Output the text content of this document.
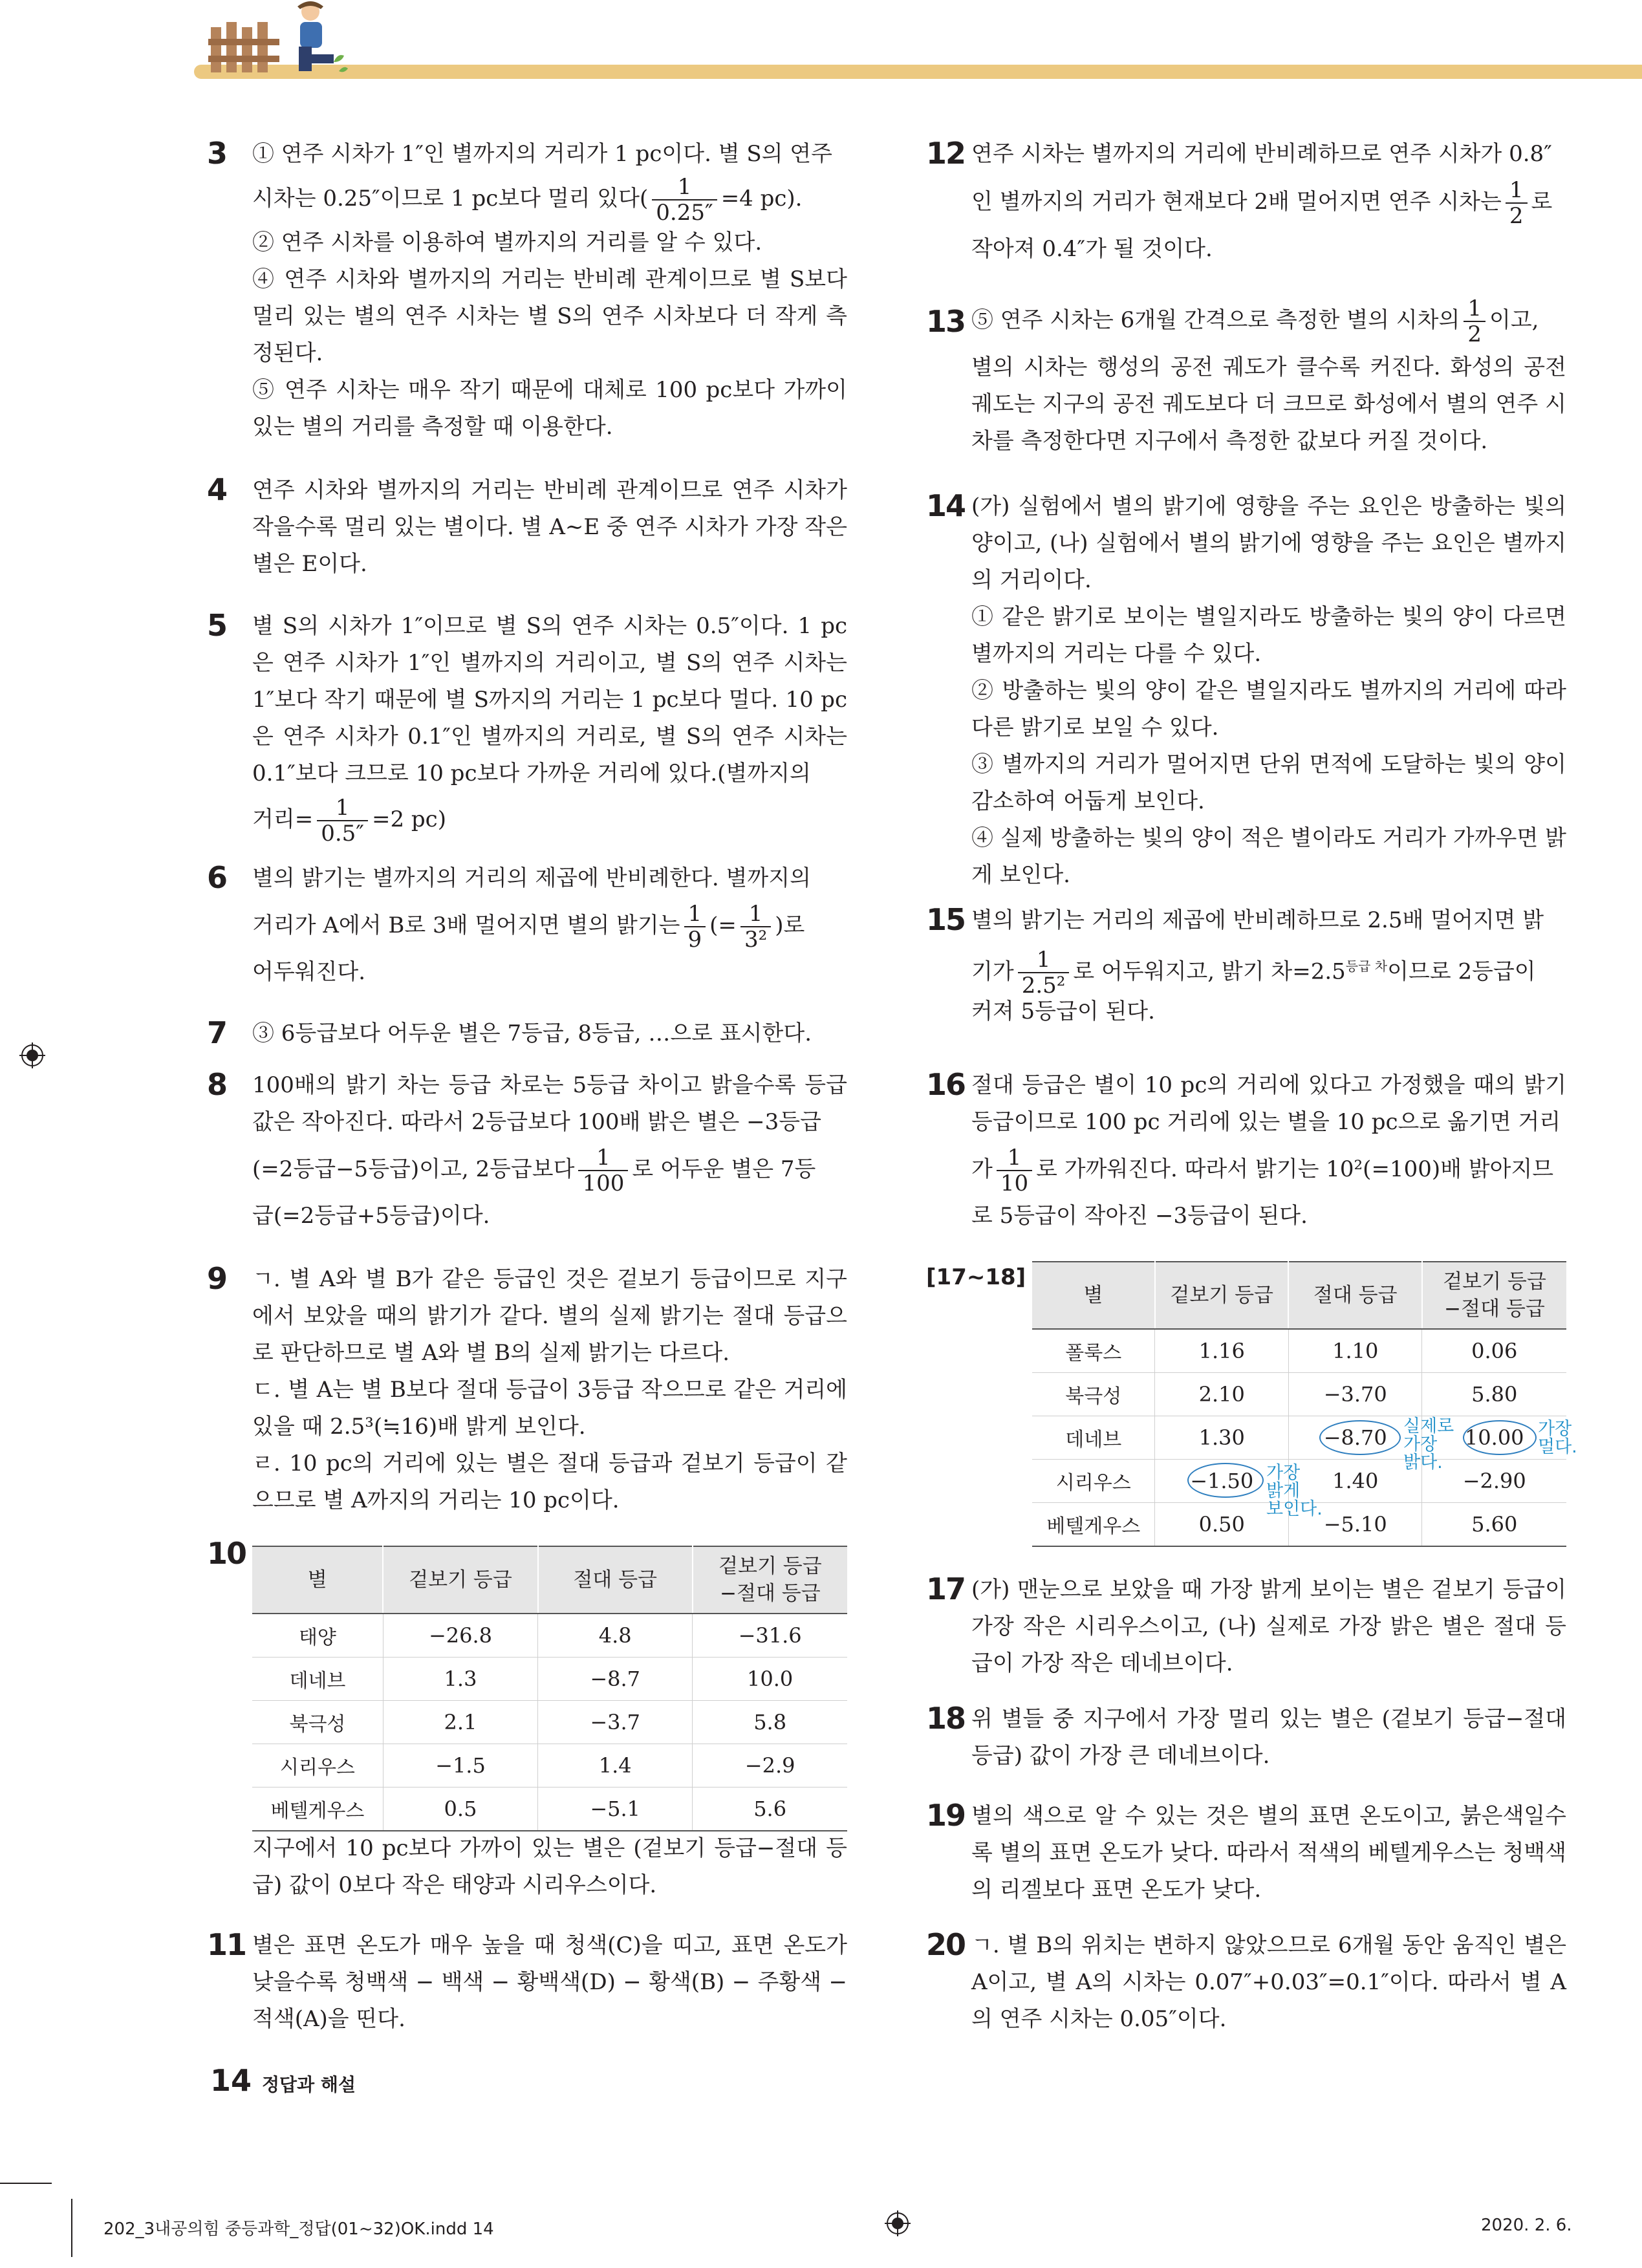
3 ① 연주 시차가 1″인 별까지의 거리가 1 pc이다. 별 S의 연주

시차는 0.25″이므로 1 pc보다 멀리 있다( $\frac{1}{0.25''} =4$ pc).

② 연주 시차를 이용하여 별까지의 거리를 알 수 있다.

④ 연주 시차와 별까지의 거리는 반비례 관계이므로 별 S보다 멀리 있는 별의 연주 시차는 별 S의 연주 시차보다 더 작게 측정된다.

⑤ 연주 시차는 매우 작기 때문에 대체로 100 pc보다 가까이 있는 별의 거리를 측정할 때 이용한다.

4 연주 시차와 별까지의 거리는 반비례 관계이므로 연주 시차가 작을수록 멀리 있는 별이다. 별 A∼E 중 연주 시차가 가장 작은 별은 E이다.

5 별 S의 시차가 1″이므로 별 S의 연주 시차는 0.5″이다. 1 pc은 연주 시차가 1″인 별까지의 거리이고, 별 S의 연주 시차는 1″보다 작기 때문에 별 S까지의 거리는 1 pc보다 멀다. 10 pc은 연주 시차가 0.1″인 별까지의 거리로, 별 S의 연주 시차는 0.1″보다 크므로 10 pc보다 가까운 거리에 있다.(별까지의

거리= $\frac{1}{0.5''} =2$ pc)

6 별의 밝기는 별까지의 거리의 제곱에 반비례한다. 별까지의

거리가 A에서 B로 3배 멀어지면 별의 밝기는 $\frac{1}{9}$ (= $\frac{1}{\text{3²}}$ )로

어두워진다.

7 ③ 6등급보다 어두운 별은 7등급, 8등급, …으로 표시한다.

8 100배의 밝기 차는 등급 차로는 5등급 차이고 밝을수록 등급 값은 작아진다. 따라서 2등급보다 100배 밝은 별은 −3등급

(=2등급−5등급)이고, 2등급보다 $\frac{1}{100}$ 로 어두운 별은 7등

급(=2등급+5등급)이다.

9 ㄱ. 별 A와 별 B가 같은 등급인 것은 겉보기 등급이므로 지구에서 보았을 때의 밝기가 같다. 별의 실제 밝기는 절대 등급으로 판단하므로 별 A와 별 B의 실제 밝기는 다르다.

ㄷ. 별 A는 별 B보다 절대 등급이 3등급 작으므로 같은 거리에 있을 때 2.5³(≒16)배 밝게 보인다.

ㄹ. 10 pc의 거리에 있는 별은 절대 등급과 겉보기 등급이 같으므로 별 A까지의 거리는 10 pc이다.

10

지구에서 10 pc보다 가까이 있는 별은 (겉보기 등급−절대 등급) 값이 0보다 작은 태양과 시리우스이다.

11 별은 표면 온도가 매우 높을 때 청색(C)을 띠고, 표면 온도가 낮을수록 청백색 − 백색 − 황백색(D) − 황색(B) − 주황색 − 적색(A)을 띤다.

별	겉보기 등급	절대 등급	겉보기 등급
−절대 등급
태양	−26.8	4.8	−31.6
데네브	1.3	−8.7	10.0
북극성	2.1	−3.7	5.8
시리우스	−1.5	1.4	−2.9
베텔게우스	0.5	−5.1	5.6
12 연주 시차는 별까지의 거리에 반비례하므로 연주 시차가 0.8″

인 별까지의 거리가 현재보다 2배 멀어지면 연주 시차는 $\frac{1}{2}$ 로

작아져 0.4″가 될 것이다.

13 ⑤ 연주 시차는 6개월 간격으로 측정한 별의 시차의 $\frac{1}{2}$ 이고,

별의 시차는 행성의 공전 궤도가 클수록 커진다. 화성의 공전 궤도는 지구의 공전 궤도보다 더 크므로 화성에서 별의 연주 시차를 측정한다면 지구에서 측정한 값보다 커질 것이다.

14 (가) 실험에서 별의 밝기에 영향을 주는 요인은 방출하는 빛의 양이고, (나) 실험에서 별의 밝기에 영향을 주는 요인은 별까지의 거리이다.

① 같은 밝기로 보이는 별일지라도 방출하는 빛의 양이 다르면 별까지의 거리는 다를 수 있다.

② 방출하는 빛의 양이 같은 별일지라도 별까지의 거리에 따라 다른 밝기로 보일 수 있다.

③ 별까지의 거리가 멀어지면 단위 면적에 도달하는 빛의 양이 감소하여 어둡게 보인다.

④ 실제 방출하는 빛의 양이 적은 별이라도 거리가 가까우면 밝게 보인다.

15 별의 밝기는 거리의 제곱에 반비례하므로 2.5배 멀어지면 밝

기가 $\frac{1}{\text{2.5²}}$ 로 어두워지고, 밝기 차$=2.5^{등급 차}$이므로 2등급이

커져 5등급이 된다.

16 절대 등급은 별이 10 pc의 거리에 있다고 가정했을 때의 밝기 등급이므로 100 pc 거리에 있는 별을 10 pc으로 옮기면 거리

가 $\frac{1}{10}$ 로 가까워진다. 따라서 밝기는 10²(=100)배 밝아지므

로 5등급이 작아진 −3등급이 된다.

[17~18]
17 (가) 맨눈으로 보았을 때 가장 밝게 보이는 별은 겉보기 등급이 가장 작은 시리우스이고, (나) 실제로 가장 밝은 별은 절대 등급이 가장 작은 데네브이다.

18 위 별들 중 지구에서 가장 멀리 있는 별은 (겉보기 등급−절대 등급) 값이 가장 큰 데네브이다.

19 별의 색으로 알 수 있는 것은 별의 표면 온도이고, 붉은색일수록 별의 표면 온도가 낮다. 따라서 적색의 베텔게우스는 청백색의 리겔보다 표면 온도가 낮다.

20 ㄱ. 별 B의 위치는 변하지 않았으므로 6개월 동안 움직인 별은 A이고, 별 A의 시차는 0.07″+0.03″=0.1″이다. 따라서 별 A의 연주 시차는 0.05″이다.

별	겉보기 등급	절대 등급	겉보기 등급
−절대 등급
폴룩스	1.16	1.10	0.06
북극성	2.10	−3.70	5.80
데네브	1.30	−8.70	10.00
시리우스	−1.50	1.40	−2.90
베텔게우스	0.50	−5.10	5.60
실제로
가장
밝다.
가장
멀다.
가장
밝게
보인다.
14 정답과 해설
202_3내공의힘 중등과학_정답(01~32)OK.indd 14	2020. 2. 6.
